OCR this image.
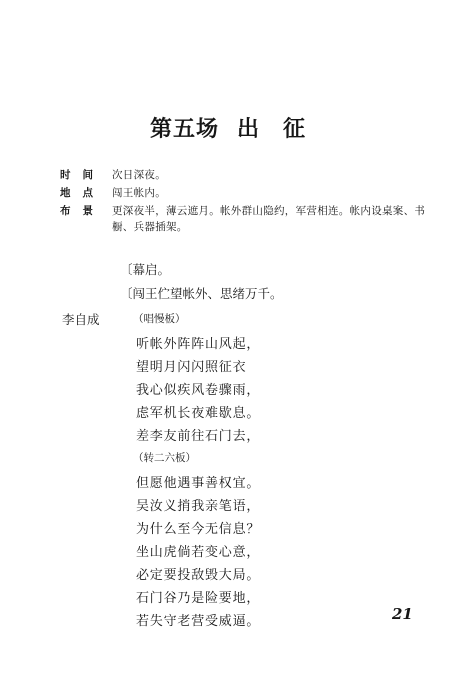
第五场 出　征
时间 次日深夜。
地点 闯王帐内。
布景 更深夜半，薄云遮月。帐外群山隐约，军营相连。帐内设桌案、书橱、兵器插架。
〔幕启。
〔闯王伫望帐外、思绪万千。
李自成	（唱慢板）
听帐外阵阵山风起，
望明月闪闪照征衣
我心似疾风卷骤雨，
虑军机长夜难歇息。
差李友前往石门去，
（转二六板）
但愿他遇事善权宜。
吴汝义捎我亲笔语，
为什么至今无信息？
坐山虎倘若变心意，
必定要投敌毁大局。
石门谷乃是险要地，
若失守老营受威逼。	21
